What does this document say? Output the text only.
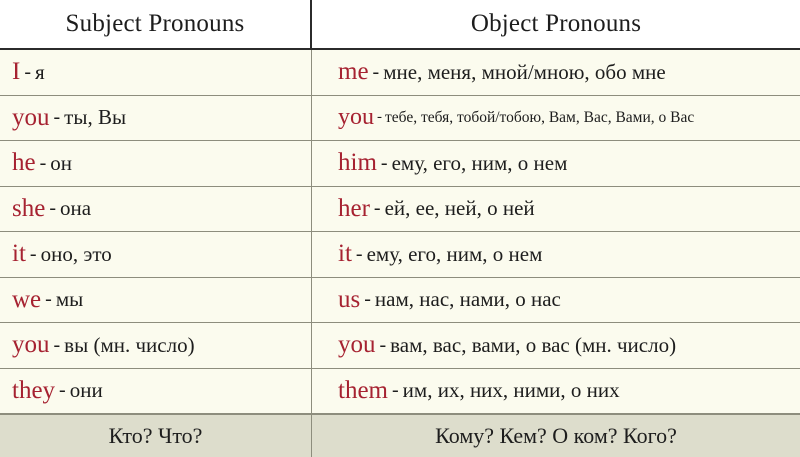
Subject Pronouns	Object Pronouns
I - я	me - мне, меня, мной/мною, обо мне
you - ты, Вы	you - тебе, тебя, тобой/тобою, Вам, Вас, Вами, о Вас
he - он	him - ему, его, ним, о нем
she - она	her - ей, ее, ней, о ней
it - оно, это	it - ему, его, ним, о нем
we - мы	us - нам, нас, нами, о нас
you - вы (мн. число)	you - вам, вас, вами, о вас (мн. число)
they - они	them - им, их, них, ними, о них
Кто? Что?	Кому? Кем? О ком? Кого?
